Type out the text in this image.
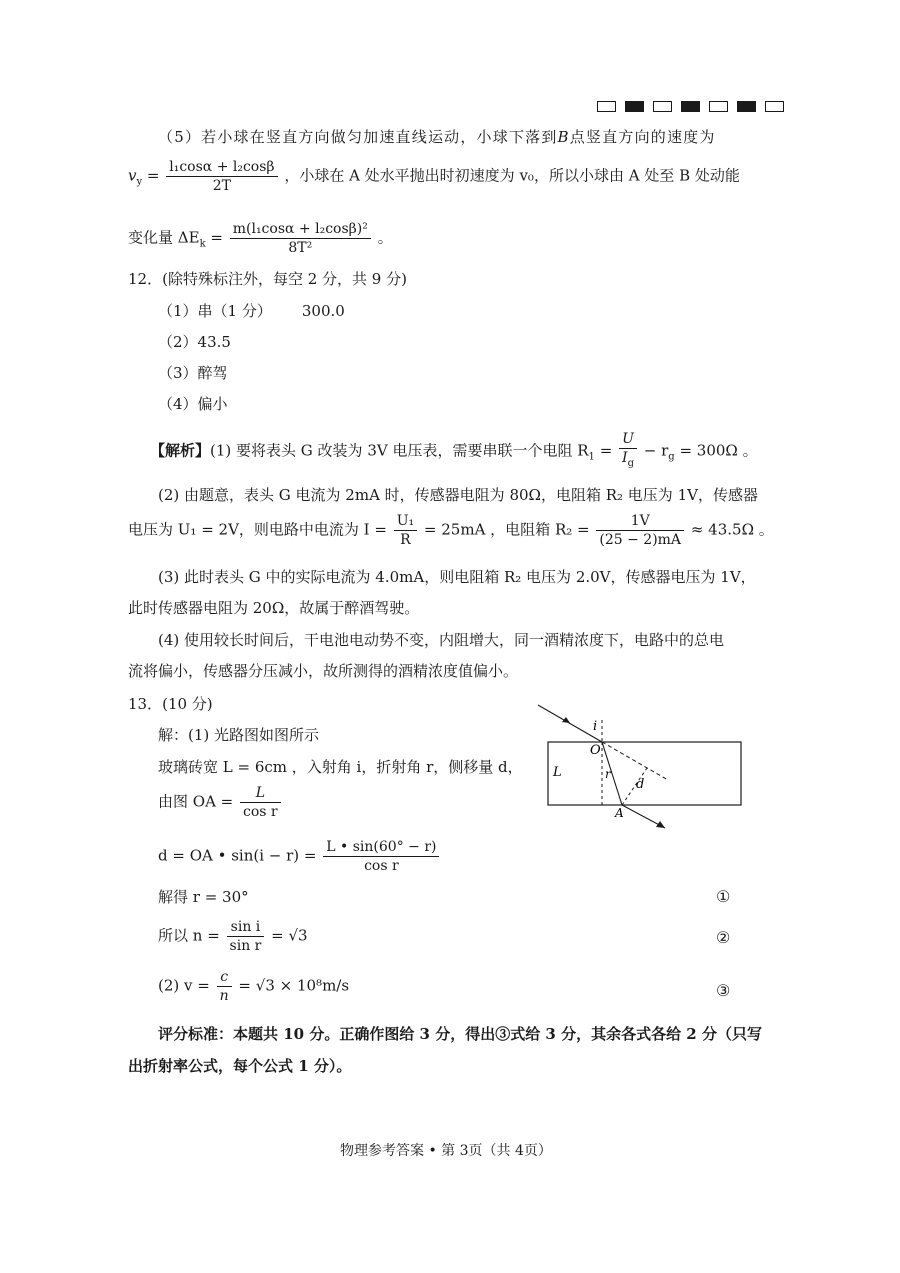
（5）若小球在竖直方向做匀加速直线运动，小球下落到B点竖直方向的速度为
$v_y = \frac{\text{l₁cosα + l₂cosβ}}{2T}$ ，小球在 A 处水平抛出时初速度为 v₀，所以小球由 A 处至 B 处动能
变化量 $\Delta E_k = \frac{\text{m(l₁cosα + l₂cosβ)²}}{\text{8T²}}$ 。
12．(除特殊标注外，每空 2 分，共 9 分)
（1）串（1 分） 300.0
（2）43.5
（3）醉驾
（4）偏小
【解析】(1) 要将表头 G 改装为 3V 电压表，需要串联一个电阻 $R_1 = \frac{U}{I_g} - r_g = 300\Omega$ 。
(2) 由题意，表头 G 电流为 2mA 时，传感器电阻为 80Ω，电阻箱 R₂ 电压为 1V，传感器
电压为 U₁ = 2V，则电路中电流为 $I = \frac{\text{U₁}}{R} = 25mA$ ，电阻箱 $R_2 = \frac{1V}{(25 - 2)mA} \approx 43.5\Omega$ 。
(3) 此时表头 G 中的实际电流为 4.0mA，则电阻箱 R₂ 电压为 2.0V，传感器电压为 1V，
此时传感器电阻为 20Ω，故属于醉酒驾驶。
(4) 使用较长时间后，干电池电动势不变，内阻增大，同一酒精浓度下，电路中的总电
流将偏小，传感器分压减小，故所测得的酒精浓度值偏小。
13．(10 分)
解：(1) 光路图如图所示
玻璃砖宽 L = 6cm ，入射角 i，折射角 r，侧移量 d，
由图 OA = $\frac{L}{\text{cos r}}$
d = OA • $\sin(i - r) = \frac{L • \sin(60^\circ - r)}{\text{cos r}}$
解得 r = 30°	①
所以 $n = \frac{\text{sin i}}{\text{sin r}} = √3$	②
(2) $v = \frac{c}{n} = √3 \times 10^8m/s$	③
评分标准：本题共 10 分。正确作图给 3 分，得出③式给 3 分，其余各式各给 2 分（只写
出折射率公式，每个公式 1 分）。
i
O
L	r
d
A
物理参考答案 • 第 3页（共 4页）
